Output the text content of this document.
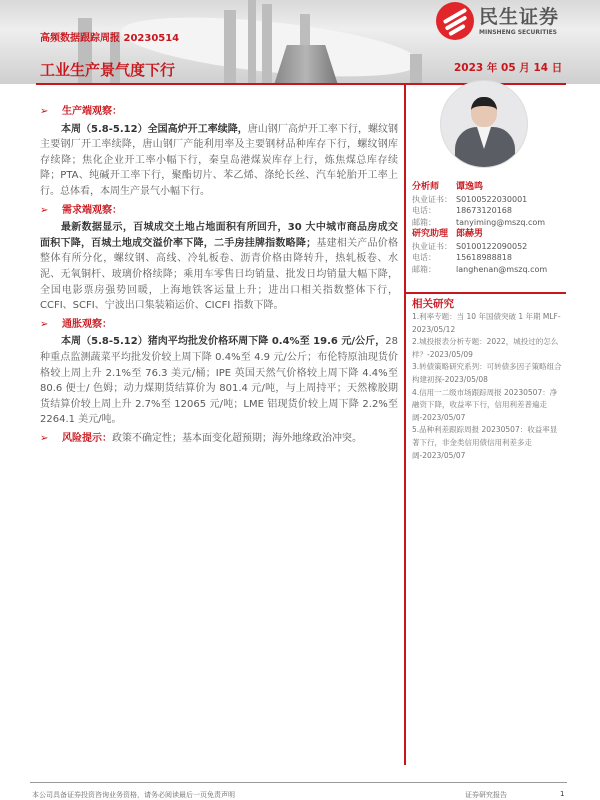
高频数据跟踪周报 20230514
工业生产景气度下行	2023 年 05 月 14 日
民生证券
MINSHENG SECURITIES
➢	生产端观察：

本周（5.8-5.12）全国高炉开工率续降，唐山钢厂高炉开工率下行，螺纹钢主要钢厂开工率续降，唐山钢厂产能利用率及主要钢材品种库存下行，螺纹钢库存续降；焦化企业开工率小幅下行，秦皇岛港煤炭库存上行，炼焦煤总库存续降；PTA、纯碱开工率下行，聚酯切片、苯乙烯、涤纶长丝、汽车轮胎开工率上行。总体看，本周生产景气小幅下行。

➢	需求端观察：

最新数据显示，百城成交土地占地面积有所回升，30 大中城市商品房成交面积下降，百城土地成交溢价率下降，二手房挂牌指数略降；基建相关产品价格整体有所分化，螺纹钢、高线、冷轧板卷、沥青价格由降转升，热轧板卷、水泥、无氧铜杆、玻璃价格续降；乘用车零售日均销量、批发日均销量大幅下降，全国电影票房强势回暖，上海地铁客运量上升；进出口相关指数整体下行，CCFI、SCFI、宁波出口集装箱运价、CICFI 指数下降。

➢	通胀观察：

本周（5.8-5.12）猪肉平均批发价格环周下降 0.4%至 19.6 元/公斤，28 种重点监测蔬菜平均批发价较上周下降 0.4%至 4.9 元/公斤；布伦特原油现货价格较上周上升 2.1%至 76.3 美元/桶；IPE 英国天然气价格较上周下降 4.4%至 80.6 便士/ 色姆；动力煤期货结算价为 801.4 元/吨，与上周持平；天然橡胶期货结算价较上周上升 2.7%至 12065 元/吨；LME 铝现货价较上周下降 2.2%至 2264.1 美元/吨。

➢	风险提示： 政策不确定性；基本面变化超预期；海外地缘政治冲突。
分析师	谭逸鸣
执业证书： S0100522030001
电话：	18673120168
邮箱：	tanyiming@mszq.com
研究助理 郎赫男
执业证书： S0100122090052
电话：	15618988818
邮箱：	langhenan@mszq.com
相关研究
1.利率专题：当 10 年国债突破 1 年期 MLF-2023/05/12
2.城投报表分析专题：2022，城投过的怎么样？-2023/05/09
3.转债策略研究系列：可转债多因子策略组合构建初探-2023/05/08
4.信用一二级市场跟踪周报 20230507：净融资下降，收益率下行，信用利差普遍走阔-2023/05/07
5.品种利差跟踪周报 20230507：收益率显著下行，非金类信用债信用利差多走阔-2023/05/07
本公司具备证券投资咨询业务资格，请务必阅读最后一页免责声明	证券研究报告	1
